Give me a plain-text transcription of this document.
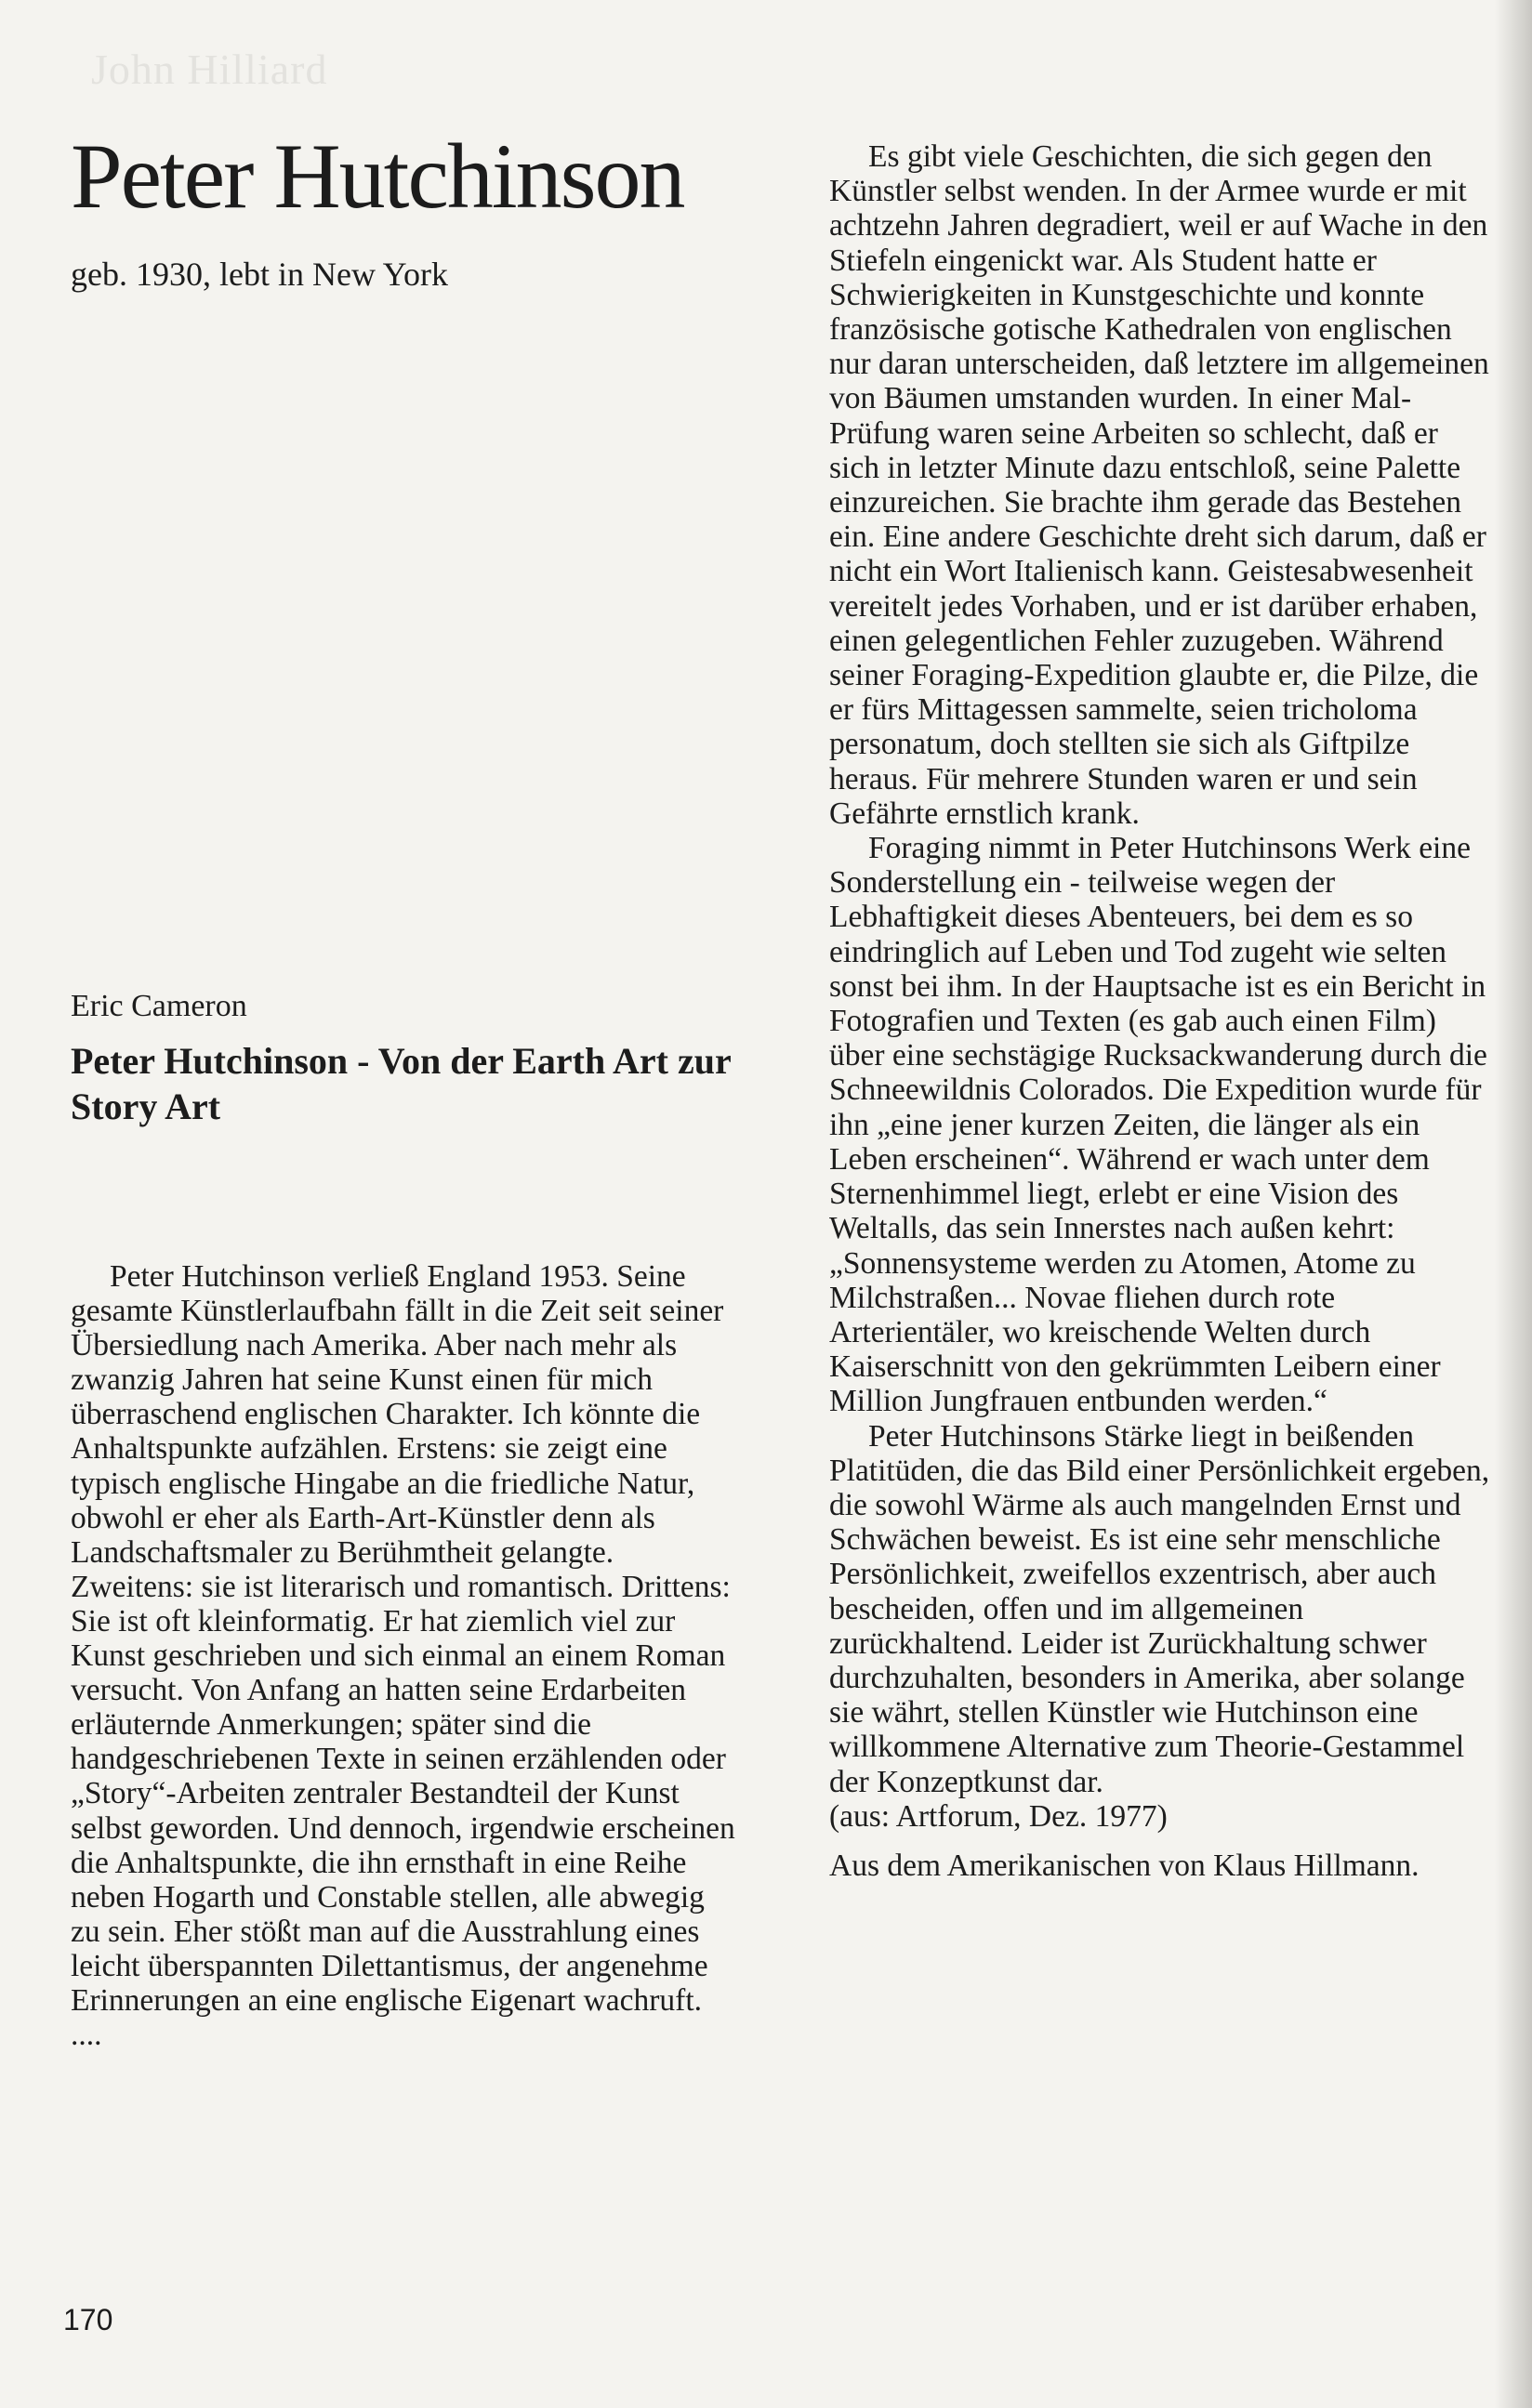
John Hilliard
Peter Hutchinson
geb. 1930, lebt in New York
Eric Cameron
Peter Hutchinson - Von der Earth Art zur Story Art

Peter Hutchinson verließ England 1953. Seine gesamte Künstlerlaufbahn fällt in die Zeit seit seiner Übersiedlung nach Amerika. Aber nach mehr als zwanzig Jahren hat seine Kunst einen für mich überraschend englischen Charakter. Ich könnte die Anhaltspunkte aufzählen. Erstens: sie zeigt eine typisch englische Hingabe an die friedliche Natur, obwohl er eher als Earth-Art-Künstler denn als Landschaftsmaler zu Berühmtheit gelangte. Zweitens: sie ist literarisch und romantisch. Drittens: Sie ist oft kleinformatig. Er hat ziemlich viel zur Kunst geschrieben und sich einmal an einem Roman versucht. Von Anfang an hatten seine Erdarbeiten erläuternde Anmerkungen; später sind die handgeschriebenen Texte in seinen erzählenden oder „Story“-Arbeiten zentraler Bestandteil der Kunst selbst geworden. Und dennoch, irgendwie erscheinen die Anhaltspunkte, die ihn ernsthaft in eine Reihe neben Hogarth und Constable stellen, alle abwegig zu sein. Eher stößt man auf die Ausstrahlung eines leicht überspannten Dilettantismus, der angenehme Erinnerungen an eine englische Eigenart wachruft.

....

Es gibt viele Geschichten, die sich gegen den Künstler selbst wenden. In der Armee wurde er mit achtzehn Jahren degradiert, weil er auf Wache in den Stiefeln eingenickt war. Als Student hatte er Schwierigkeiten in Kunstgeschichte und konnte französische gotische Kathedralen von englischen nur daran unterscheiden, daß letztere im allgemeinen von Bäumen umstanden wurden. In einer Mal-Prüfung waren seine Arbeiten so schlecht, daß er sich in letzter Minute dazu entschloß, seine Palette einzureichen. Sie brachte ihm gerade das Bestehen ein. Eine andere Geschichte dreht sich darum, daß er nicht ein Wort Italienisch kann. Geistesabwesenheit vereitelt jedes Vorhaben, und er ist darüber erhaben, einen gelegentlichen Fehler zuzugeben. Während seiner Foraging-Expedition glaubte er, die Pilze, die er fürs Mittagessen sammelte, seien tricholoma personatum, doch stellten sie sich als Giftpilze heraus. Für mehrere Stunden waren er und sein Gefährte ernstlich krank.

Foraging nimmt in Peter Hutchinsons Werk eine Sonderstellung ein - teilweise wegen der Lebhaftigkeit dieses Abenteuers, bei dem es so eindringlich auf Leben und Tod zugeht wie selten sonst bei ihm. In der Hauptsache ist es ein Bericht in Fotografien und Texten (es gab auch einen Film) über eine sechstägige Rucksackwanderung durch die Schneewildnis Colorados. Die Expedition wurde für ihn „eine jener kurzen Zeiten, die länger als ein Leben erscheinen“. Während er wach unter dem Sternenhimmel liegt, erlebt er eine Vision des Weltalls, das sein Innerstes nach außen kehrt: „Sonnensysteme werden zu Atomen, Atome zu Milchstraßen... Novae fliehen durch rote Arterientäler, wo kreischende Welten durch Kaiserschnitt von den gekrümmten Leibern einer Million Jungfrauen entbunden werden.“

Peter Hutchinsons Stärke liegt in beißenden Platitüden, die das Bild einer Persönlichkeit ergeben, die sowohl Wärme als auch mangelnden Ernst und Schwächen beweist. Es ist eine sehr menschliche Persönlichkeit, zweifellos exzentrisch, aber auch bescheiden, offen und im allgemeinen zurückhaltend. Leider ist Zurückhaltung schwer durchzuhalten, besonders in Amerika, aber solange sie währt, stellen Künstler wie Hutchinson eine willkommene Alternative zum Theorie-Gestammel der Konzeptkunst dar.

(aus: Artforum, Dez. 1977)

Aus dem Amerikanischen von Klaus Hillmann.

170
